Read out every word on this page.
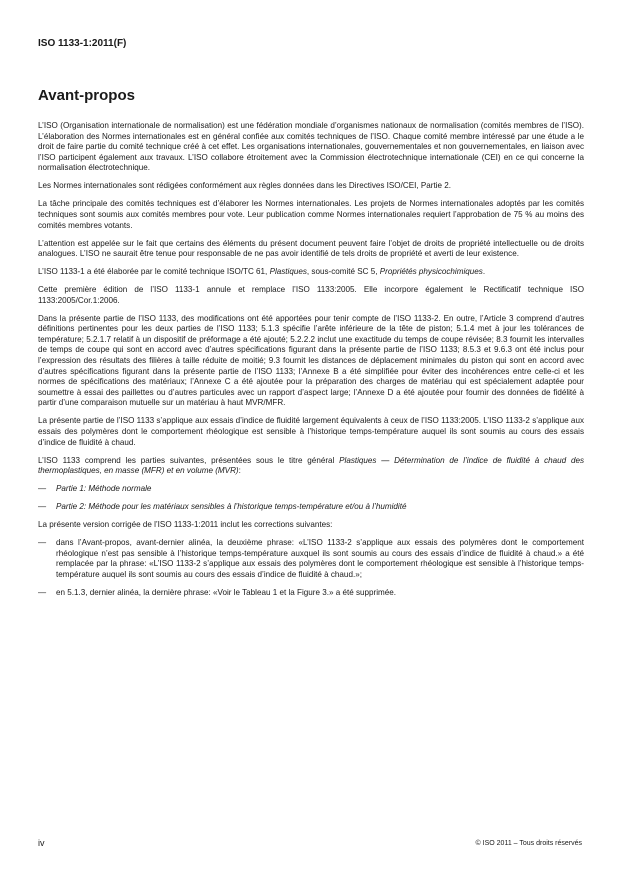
ISO 1133-1:2011(F)
Avant-propos

L’ISO (Organisation internationale de normalisation) est une fédération mondiale d’organismes nationaux de normalisation (comités membres de l’ISO). L’élaboration des Normes internationales est en général confiée aux comités techniques de l’ISO. Chaque comité membre intéressé par une étude a le droit de faire partie du comité technique créé à cet effet. Les organisations internationales, gouvernementales et non gouvernementales, en liaison avec l’ISO participent également aux travaux. L’ISO collabore étroitement avec la Commission électrotechnique internationale (CEI) en ce qui concerne la normalisation électrotechnique.

Les Normes internationales sont rédigées conformément aux règles données dans les Directives ISO/CEI, Partie 2.

La tâche principale des comités techniques est d’élaborer les Normes internationales. Les projets de Normes internationales adoptés par les comités techniques sont soumis aux comités membres pour vote. Leur publication comme Normes internationales requiert l’approbation de 75 % au moins des comités membres votants.

L’attention est appelée sur le fait que certains des éléments du présent document peuvent faire l’objet de droits de propriété intellectuelle ou de droits analogues. L’ISO ne saurait être tenue pour responsable de ne pas avoir identifié de tels droits de propriété et averti de leur existence.

L’ISO 1133-1 a été élaborée par le comité technique ISO/TC 61, Plastiques, sous-comité SC 5, Propriétés physicochimiques.

Cette première édition de l’ISO 1133-1 annule et remplace l’ISO 1133:2005. Elle incorpore également le Rectificatif technique ISO 1133:2005/Cor.1:2006.

Dans la présente partie de l’ISO 1133, des modifications ont été apportées pour tenir compte de l’ISO 1133-2. En outre, l’Article 3 comprend d’autres définitions pertinentes pour les deux parties de l’ISO 1133; 5.1.3 spécifie l’arête inférieure de la tête de piston; 5.1.4 met à jour les tolérances de température; 5.2.1.7 relatif à un dispositif de préformage a été ajouté; 5.2.2.2 inclut une exactitude du temps de coupe révisée; 8.3 fournit les intervalles de temps de coupe qui sont en accord avec d’autres spécifications figurant dans la présente partie de l’ISO 1133; 8.5.3 et 9.6.3 ont été inclus pour l’expression des résultats des filières à taille réduite de moitié; 9.3 fournit les distances de déplacement minimales du piston qui sont en accord avec d’autres spécifications figurant dans la présente partie de l’ISO 1133; l’Annexe B a été simplifiée pour éviter des incohérences entre celle-ci et les normes de spécifications des matériaux; l’Annexe C a été ajoutée pour la préparation des charges de matériau qui est spécialement adaptée pour soumettre à essai des paillettes ou d’autres particules avec un rapport d’aspect large; l’Annexe D a été ajoutée pour fournir des données de fidélité à partir d’une comparaison mutuelle sur un matériau à haut MVR/MFR.

La présente partie de l’ISO 1133 s’applique aux essais d’indice de fluidité largement équivalents à ceux de l’ISO 1133:2005. L’ISO 1133-2 s’applique aux essais des polymères dont le comportement rhéologique est sensible à l’historique temps-température auquel ils sont soumis au cours des essais d’indice de fluidité à chaud.

L’ISO 1133 comprend les parties suivantes, présentées sous le titre général Plastiques — Détermination de l’indice de fluidité à chaud des thermoplastiques, en masse (MFR) et en volume (MVR):

—	Partie 1: Méthode normale
—	Partie 2: Méthode pour les matériaux sensibles à l’historique temps-température et/ou à l’humidité

La présente version corrigée de l’ISO 1133-1:2011 inclut les corrections suivantes:

—	dans l’Avant-propos, avant-dernier alinéa, la deuxième phrase: «L’ISO 1133-2 s’applique aux essais des polymères dont le comportement rhéologique n’est pas sensible à l’historique temps-température auxquel ils sont soumis au cours des essais d’indice de fluidité à chaud.» a été remplacée par la phrase: «L’ISO 1133-2 s’applique aux essais des polymères dont le comportement rhéologique est sensible à l’historique temps-température auquel ils sont soumis au cours des essais d’indice de fluidité à chaud.»;
—	en 5.1.3, dernier alinéa, la dernière phrase: «Voir le Tableau 1 et la Figure 3.» a été supprimée.
iv	© ISO 2011 – Tous droits réservés
